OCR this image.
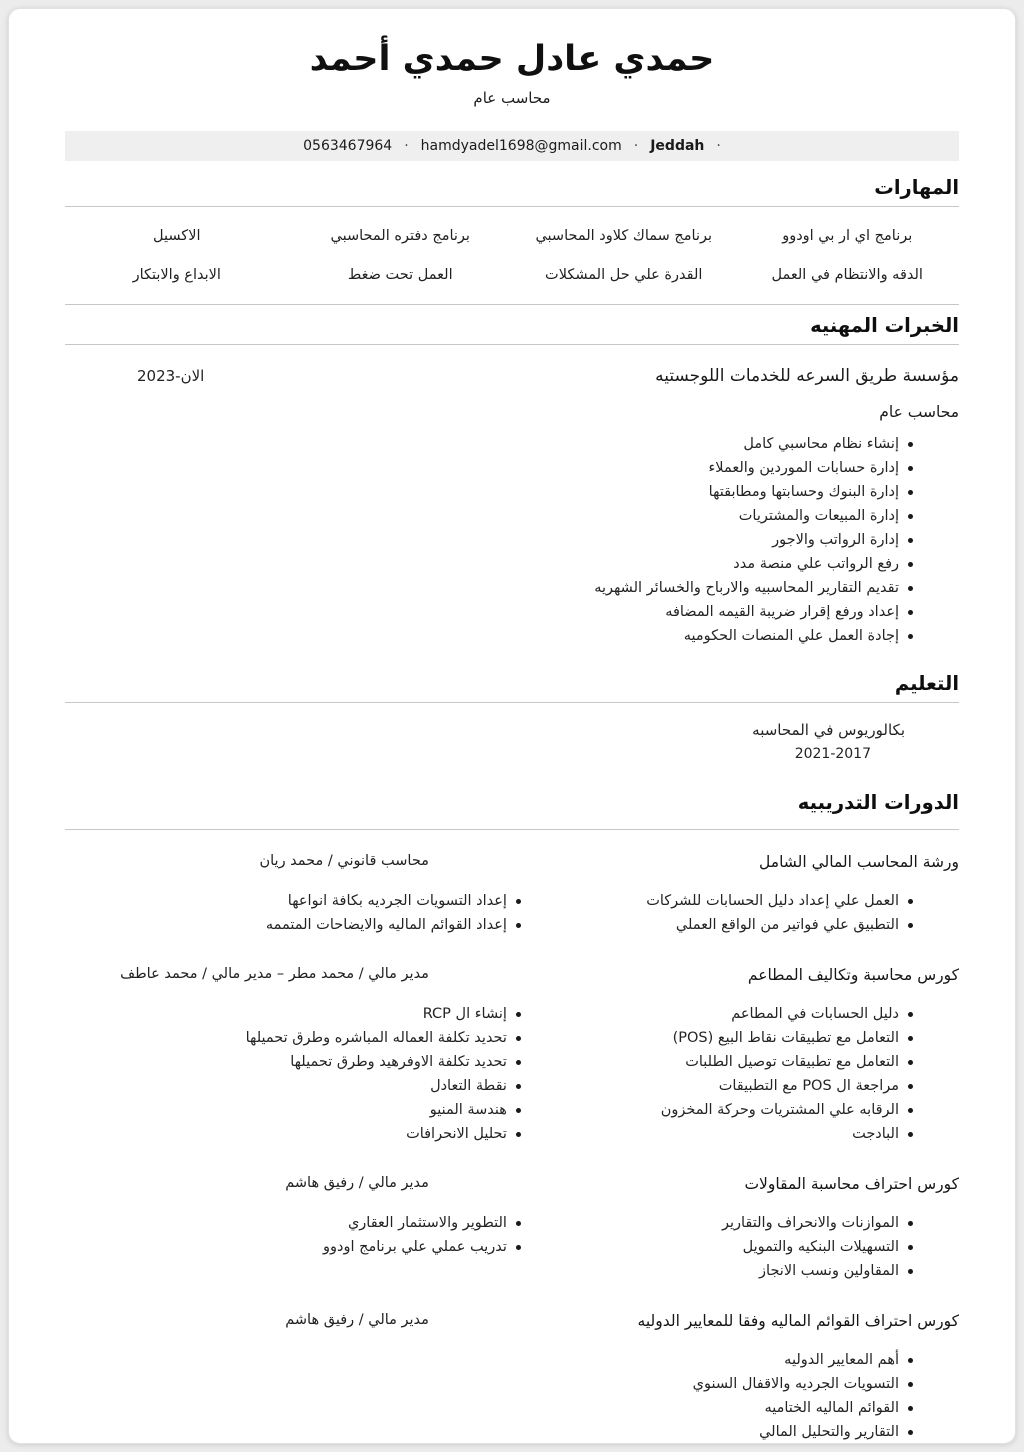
حمدي عادل حمدي أحمد
محاسب عام
0563467964 · hamdyadel1698@gmail.com · Jeddah ·
المهارات
برنامج اي ار بي اودوو
برنامج سماك كلاود المحاسبي
برنامج دفتره المحاسبي
الاكسيل
الدقه والانتظام في العمل
القدرة علي حل المشكلات
العمل تحت ضغط
الابداع والابتكار
الخبرات المهنيه
مؤسسة طريق السرعه للخدمات اللوجستيه
2023-الان
محاسب عام
إنشاء نظام محاسبي كامل
إدارة حسابات الموردين والعملاء
إدارة البنوك وحسابتها ومطابقتها
إدارة المبيعات والمشتريات
إدارة الرواتب والاجور
رفع الرواتب علي منصة مدد
تقديم التقارير المحاسبيه والارباح والخسائر الشهريه
إعداد ورفع إقرار ضريبة القيمه المضافه
إجادة العمل علي المنصات الحكوميه
التعليم
بكالوريوس في المحاسبه
2021-2017
الدورات التدريبيه
ورشة المحاسب المالي الشامل
العمل علي إعداد دليل الحسابات للشركات
التطبيق علي فواتير من الواقع العملي
محاسب قانوني / محمد ريان
إعداد التسويات الجرديه بكافة انواعها
إعداد القوائم الماليه والايضاحات المتممه
كورس محاسبة وتكاليف المطاعم
دليل الحسابات في المطاعم
التعامل مع تطبيقات نقاط البيع (POS)
التعامل مع تطبيقات توصيل الطلبات
مراجعة ال POS مع التطبيقات
الرقابه علي المشتريات وحركة المخزون
البادجت
مدير مالي / محمد مطر – مدير مالي / محمد عاطف
إنشاء ال RCP
تحديد تكلفة العماله المباشره وطرق تحميلها
تحديد تكلفة الاوفرهيد وطرق تحميلها
نقطة التعادل
هندسة المنيو
تحليل الانحرافات
كورس احتراف محاسبة المقاولات
الموازنات والانحراف والتقارير
التسهيلات البنكيه والتمويل
المقاولين ونسب الانجاز
مدير مالي / رفيق هاشم
التطوير والاستثمار العقاري
تدريب عملي علي برنامج اودوو
كورس احتراف القوائم الماليه وفقا للمعايير الدوليه
أهم المعايير الدوليه
التسويات الجرديه والاقفال السنوي
القوائم الماليه الختاميه
التقارير والتحليل المالي
مدير مالي / رفيق هاشم
